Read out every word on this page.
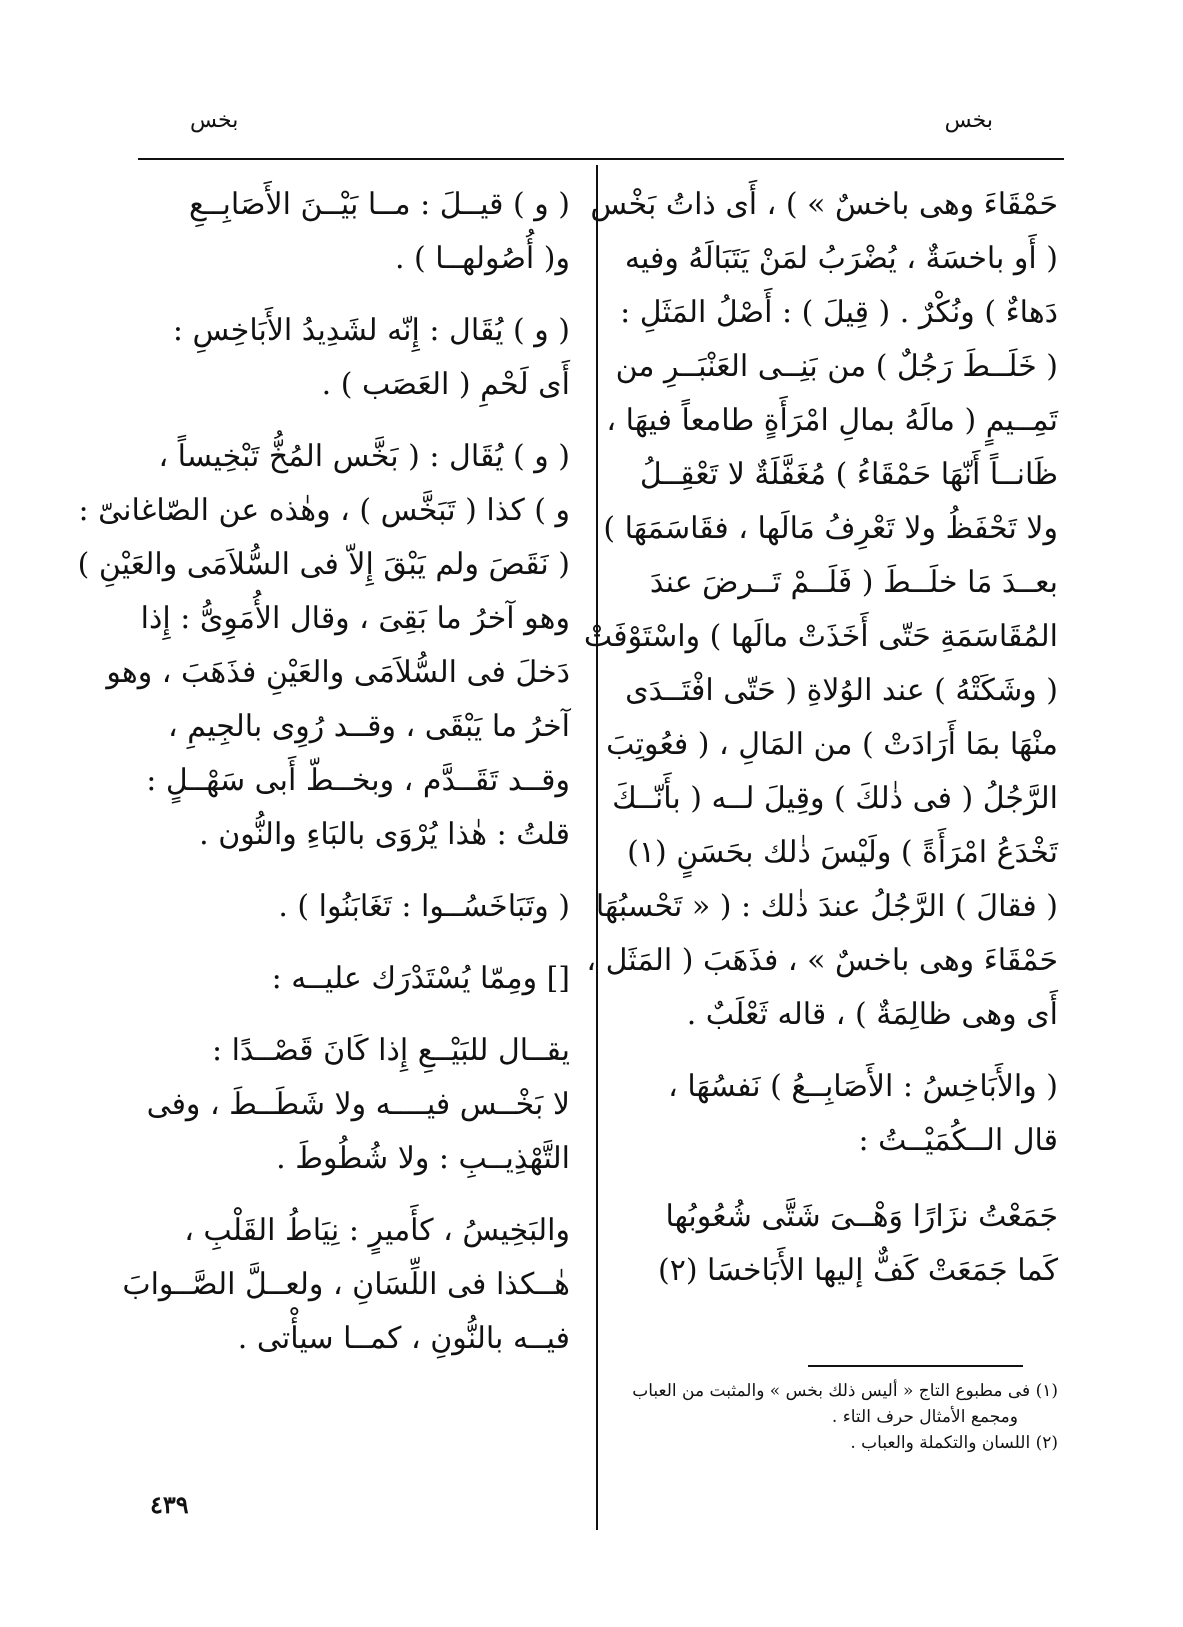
بخس
بخس
حَمْقَاءَ وهى باخسٌ » ) ، أَى ذاتُ بَخْس
( أَو باخسَةٌ ، يُضْرَبُ لمَنْ يَتَبَالَهُ وفيه
دَهاءٌ ) ونُكْرٌ . ( قِيلَ ) : أَصْلُ المَثَلِ :
( خَلَــطَ رَجُلٌ ) من بَنِــى العَنْبَــرِ من
تَمِــيمٍ ( مالَهُ بمالِ امْرَأَةٍ طامعاً فيهَا ،
ظَانــاً أَنّهَا حَمْقَاءُ ) مُغَفَّلَةٌ لا تَعْقِــلُ
ولا تَحْفَظُ ولا تَعْرِفُ مَالَها ، فقَاسَمَهَا )
بعــدَ مَا خلَــطَ ( فَلَــمْ تَــرضَ عندَ
المُقَاسَمَةِ حَتّى أَخَذَتْ مالَها ) واسْتَوْفَتْ
( وشَكَتْهُ ) عند الوُلاةِ ( حَتّى افْتَــدَى
منْهَا بمَا أَرَادَتْ ) من المَالِ ، ( فعُوتِبَ
الرَّجُلُ ( فى ذٰلكَ ) وقِيلَ لــه ( بأَنّــكَ
تَخْدَعُ امْرَأَةً ) ولَيْسَ ذٰلك بحَسَنٍ (١)
( فقالَ ) الرَّجُلُ عندَ ذٰلك : ( « تَحْسبُهَا
حَمْقَاءَ وهى باخسٌ » ، فذَهَبَ ( المَثَل ،
أَى وهى ظالِمَةٌ ) ، قاله ثَعْلَبٌ .
( والأَبَاخِسُ : الأَصَابِــعُ ) نَفسُهَا ،
قال الــكُمَيْــتُ :
جَمَعْتُ نزَارًا وَهْــىَ شَتَّى شُعُوبُها
كَما جَمَعَتْ كَفٌّ إليها الأَبَاخسَا (٢)
( و ) قيــلَ : مــا بَيْــنَ الأَصَابِــعِ
و( أُصُولهــا ) .
( و ) يُقَال : إِنّه لشَدِيدُ الأَبَاخِسِ :
أَى لَحْمِ ( العَصَب ) .
( و ) يُقَال : ( بَخَّس المُخُّ تَبْخِيساً ،
و ) كذا ( تَبَخَّس ) ، وهٰذه عن الصّاغانىّ :
( نَقَصَ ولم يَبْقَ إِلاّ فى السُّلاَمَى والعَيْنِ )
وهو آخرُ ما بَقِىَ ، وقال الأُمَوِىُّ : إِذا
دَخلَ فى السُّلاَمَى والعَيْنِ فذَهَبَ ، وهو
آخرُ ما يَبْقَى ، وقــد رُوِى بالجِيمِ ،
وقــد تَقَــدَّم ، وبخــطّ أَبى سَهْــلٍ :
قلتُ : هٰذا يُرْوَى بالبَاءِ والنُّون .
( وتَبَاخَسُــوا : تَغَابَنُوا ) .
[] ومِمّا يُسْتَدْرَك عليــه :
يقــال للبَيْــعِ إِذا كَانَ قَصْــدًا :
لا بَخْــس فيــــه ولا شَطَــطَ ، وفى
التَّهْذِيــبِ : ولا شُطُوطَ .
والبَخِيسُ ، كأَميرٍ : نِيَاطُ القَلْبِ ،
هٰــكذا فى اللِّسَانِ ، ولعــلَّ الصَّــوابَ
فيــه بالنُّونِ ، كمــا سيأْتى .
(١) فى مطبوع التاج « أليس ذلك بخس » والمثبت من العباب
ومجمع الأمثال حرف التاء .
(٢) اللسان والتكملة والعباب .
٤٣٩
